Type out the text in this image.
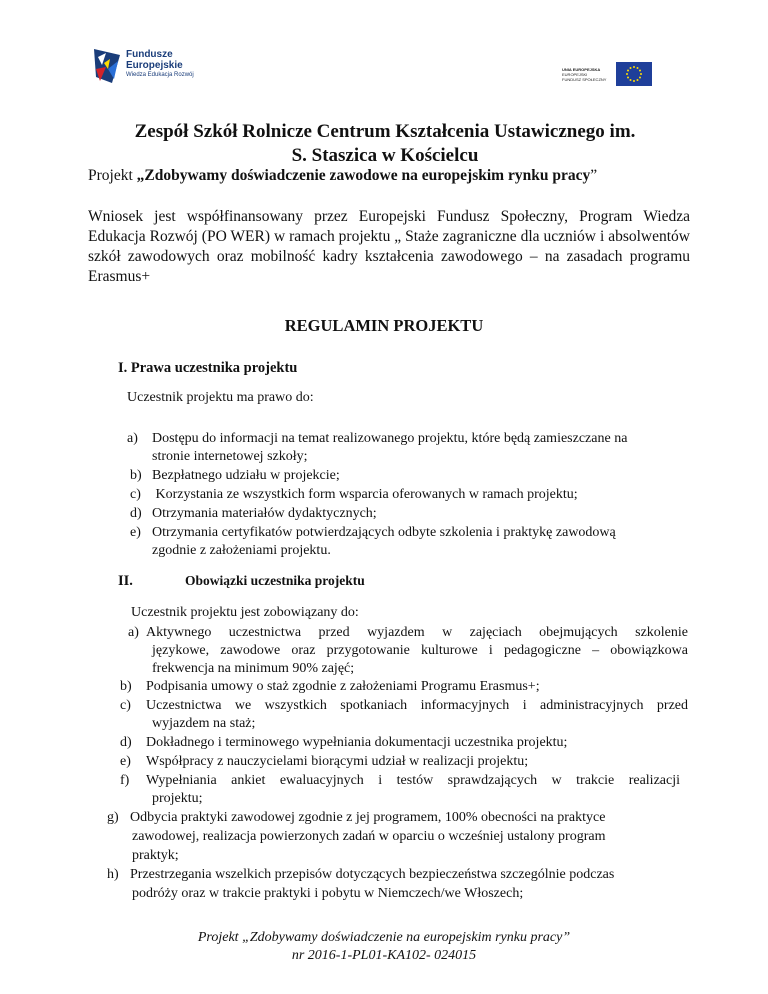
Fundusze
Europejskie
Wiedza Edukacja Rozwój
UNIA EUROPEJSKA
EUROPEJSKI
FUNDUSZ SPOŁECZNY
Zespół Szkół Rolnicze Centrum Kształcenia Ustawicznego im.
S. Staszica w Kościelcu
Projekt „Zdobywamy doświadczenie zawodowe na europejskim rynku pracy”
Wniosek jest współfinansowany przez Europejski Fundusz Społeczny, Program Wiedza Edukacja Rozwój (PO WER) w ramach projektu „ Staże zagraniczne dla uczniów i absolwentów szkół zawodowych oraz mobilność kadry kształcenia zawodowego – na zasadach programu Erasmus+
REGULAMIN PROJEKTU
I. Prawa uczestnika projektu
Uczestnik projektu ma prawo do:
a) Dostępu do informacji na temat realizowanego projektu, które będą zamieszczane na
stronie internetowej szkoły;
b) Bezpłatnego udziału w projekcie;
c) Korzystania ze wszystkich form wsparcia oferowanych w ramach projektu;
d) Otrzymania materiałów dydaktycznych;
e) Otrzymania certyfikatów potwierdzających odbyte szkolenia i praktykę zawodową
zgodnie z założeniami projektu.
II.	Obowiązki uczestnika projektu
Uczestnik projektu jest zobowiązany do:
a) Aktywnego uczestnictwa przed wyjazdem w zajęciach obejmujących szkolenie
językowe, zawodowe oraz przygotowanie kulturowe i pedagogiczne – obowiązkowa
frekwencja na minimum 90% zajęć;
b) Podpisania umowy o staż zgodnie z założeniami Programu Erasmus+;
c) Uczestnictwa we wszystkich spotkaniach informacyjnych i administracyjnych przed
wyjazdem na staż;
d) Dokładnego i terminowego wypełniania dokumentacji uczestnika projektu;
e) Współpracy z nauczycielami biorącymi udział w realizacji projektu;
f) Wypełniania ankiet ewaluacyjnych i testów sprawdzających w trakcie realizacji
projektu;
g) Odbycia praktyki zawodowej zgodnie z jej programem, 100% obecności na praktyce
zawodowej, realizacja powierzonych zadań w oparciu o wcześniej ustalony program
praktyk;
h) Przestrzegania wszelkich przepisów dotyczących bezpieczeństwa szczególnie podczas
podróży oraz w trakcie praktyki i pobytu w Niemczech/we Włoszech;
Projekt „Zdobywamy doświadczenie na europejskim rynku pracy”
nr 2016-1-PL01-KA102- 024015
